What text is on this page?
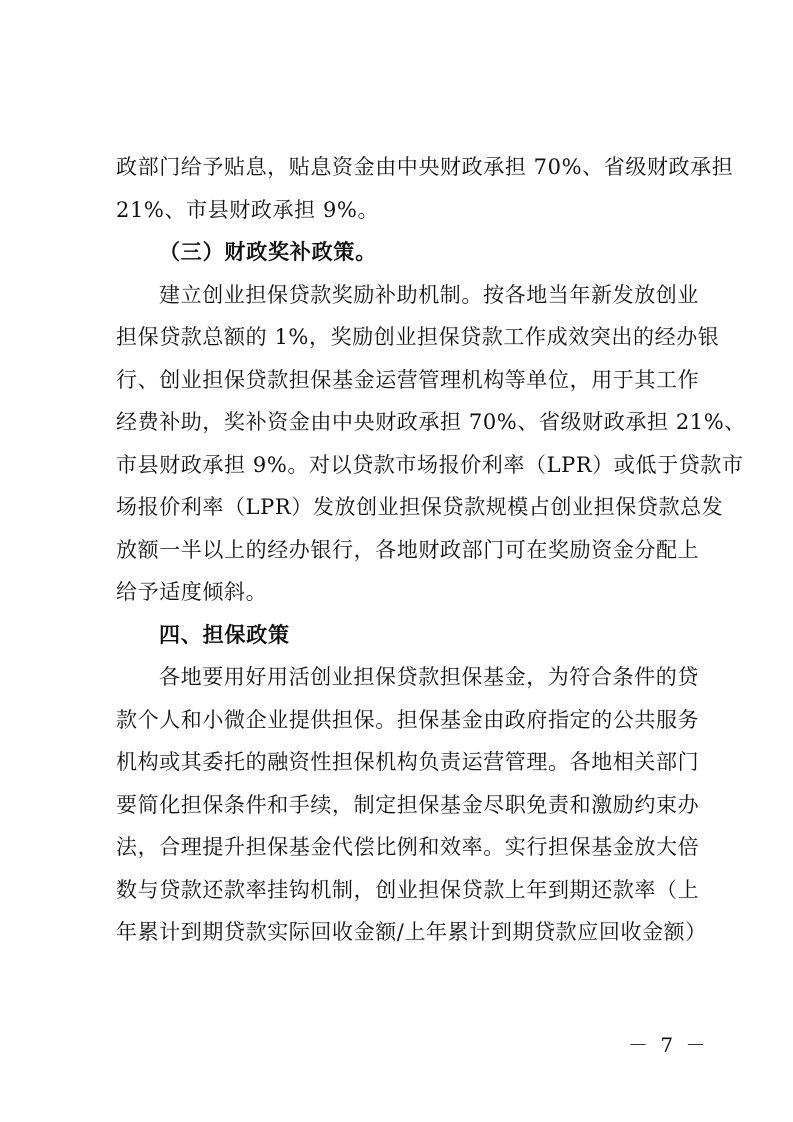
政部门给予贴息，贴息资金由中央财政承担 70%、省级财政承担
21%、市县财政承担 9%。
（三）财政奖补政策。
建立创业担保贷款奖励补助机制。按各地当年新发放创业
担保贷款总额的 1%，奖励创业担保贷款工作成效突出的经办银
行、创业担保贷款担保基金运营管理机构等单位，用于其工作
经费补助，奖补资金由中央财政承担 70%、省级财政承担 21%、
市县财政承担 9%。对以贷款市场报价利率（LPR）或低于贷款市
场报价利率（LPR）发放创业担保贷款规模占创业担保贷款总发
放额一半以上的经办银行，各地财政部门可在奖励资金分配上
给予适度倾斜。
四、担保政策
各地要用好用活创业担保贷款担保基金，为符合条件的贷
款个人和小微企业提供担保。担保基金由政府指定的公共服务
机构或其委托的融资性担保机构负责运营管理。各地相关部门
要简化担保条件和手续，制定担保基金尽职免责和激励约束办
法，合理提升担保基金代偿比例和效率。实行担保基金放大倍
数与贷款还款率挂钩机制，创业担保贷款上年到期还款率（上
年累计到期贷款实际回收金额/上年累计到期贷款应回收金额）
－ 7 －
